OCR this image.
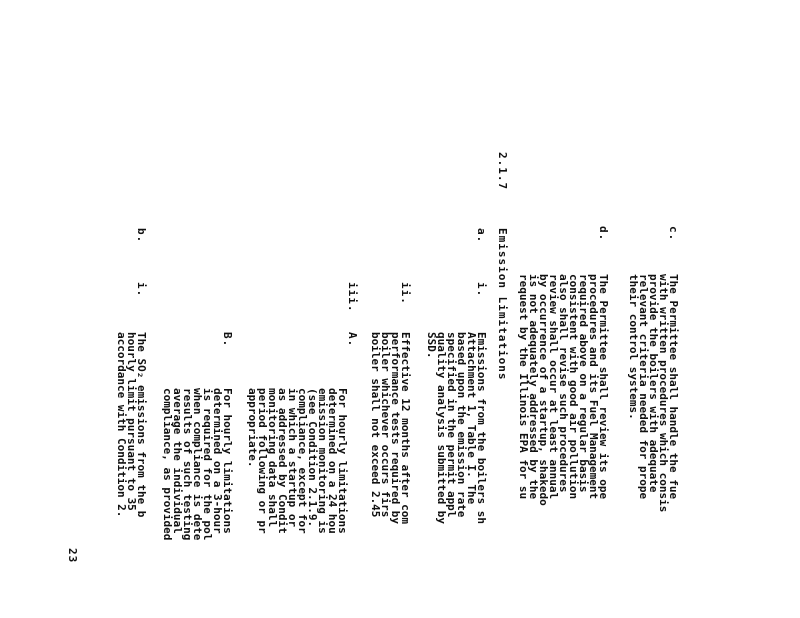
23
2.1.7
Emission Limitations	c.
The Permittee shall handle the fue
with written procedures which consis
provide the boilers with adequate
relevant criteria needed for prope
their control systems.
d.
The Permittee shall review its ope
procedures and its Fuel Management
required above on a regular basis
consistent with good air pollution
also shall revise such procedures
review shall occur at least annual
by occurrence of a startup, shakedo
is not adequately addressed by the
request by the Illinois EPA for su
a.
i.
Emissions from the boilers sh
Attachment 1, Table I. The
based upon the emission rate
specified in the permit appl
quality analysis submitted by
SSD.
ii.
Effective 12 months after com
performance tests required by
boiler whichever occurs firs
boiler shall not exceed 2.45
iii.
A.
For hourly limitations
determined on a 24 hou
emission monitoring is
(see Condition 2.1.9.
compliance, except for
in which a startup or
as addressed by Condit
monitoring data shall
period following or pr
appropriate.
B.
For hourly limitations
determined on a 3-hour
is required for the pol
when compliance is dete
results of such testing
average the individual
compliance, as provided
b.
i.
The SO₂ emissions from the b
hourly limit pursuant to 35
accordance with Condition 2.
